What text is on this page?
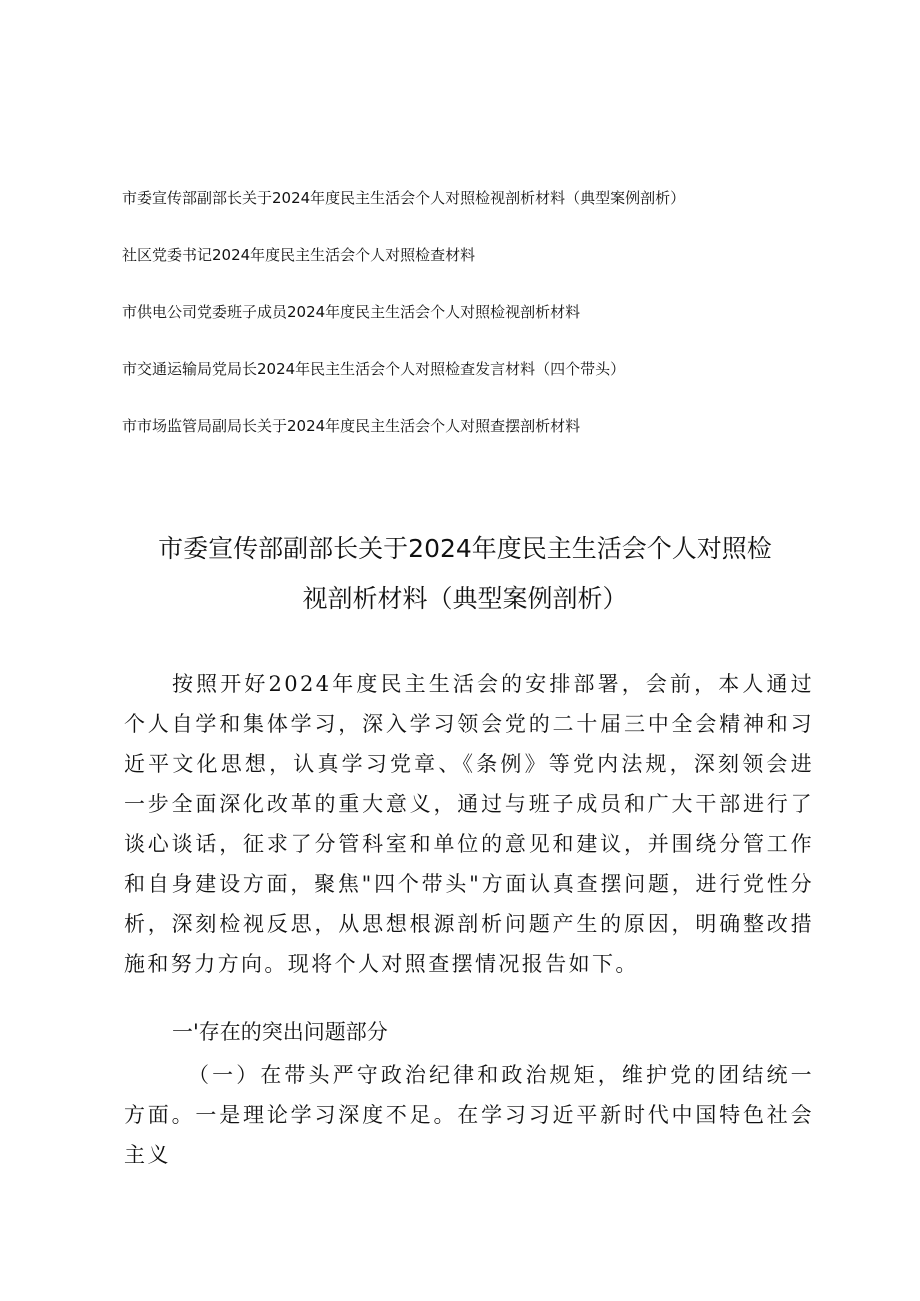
市委宣传部副部长关于2024年度民主生活会个人对照检视剖析材料（典型案例剖析）
社区党委书记2024年度民主生活会个人对照检查材料
市供电公司党委班子成员2024年度民主生活会个人对照检视剖析材料
市交通运输局党局长2024年民主生活会个人对照检查发言材料（四个带头）
市市场监管局副局长关于2024年度民主生活会个人对照查摆剖析材料
市委宣传部副部长关于2024年度民主生活会个人对照检
视剖析材料（典型案例剖析）
按照开好2024年度民主生活会的安排部署，会前，本人通过个人自学和集体学习，深入学习领会党的二十届三中全会精神和习近平文化思想，认真学习党章、《条例》等党内法规，深刻领会进一步全面深化改革的重大意义，通过与班子成员和广大干部进行了谈心谈话，征求了分管科室和单位的意见和建议，并围绕分管工作和自身建设方面，聚焦"四个带头"方面认真查摆问题，进行党性分析，深刻检视反思，从思想根源剖析问题产生的原因，明确整改措施和努力方向。现将个人对照查摆情况报告如下。
一'存在的突出问题部分
（一）在带头严守政治纪律和政治规矩，维护党的团结统一方面。一是理论学习深度不足。在学习习近平新时代中国特色社会主义
